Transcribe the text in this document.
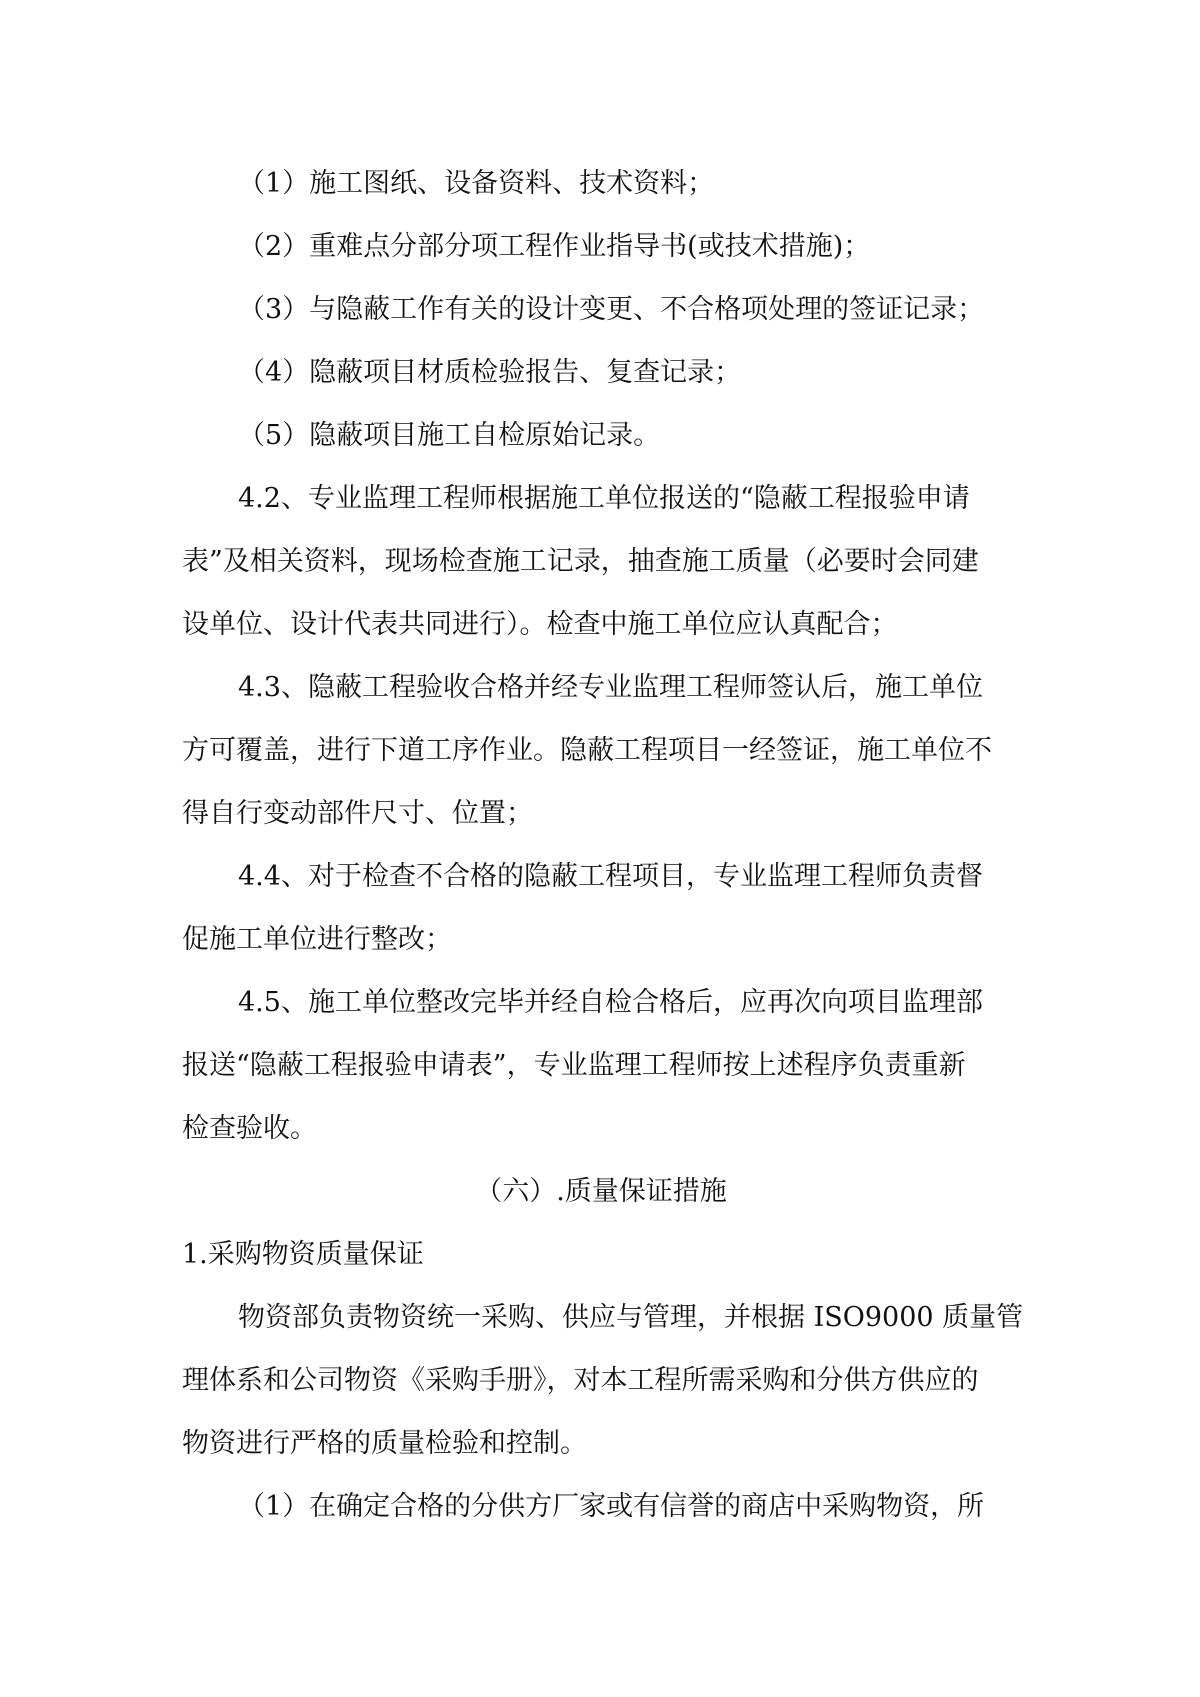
（1）施工图纸、设备资料、技术资料；
（2）重难点分部分项工程作业指导书(或技术措施)；
（3）与隐蔽工作有关的设计变更、不合格项处理的签证记录；
（4）隐蔽项目材质检验报告、复查记录；
（5）隐蔽项目施工自检原始记录。
4.2、专业监理工程师根据施工单位报送的“隐蔽工程报验申请
表”及相关资料，现场检查施工记录，抽查施工质量（必要时会同建
设单位、设计代表共同进行）。检查中施工单位应认真配合；
4.3、隐蔽工程验收合格并经专业监理工程师签认后，施工单位
方可覆盖，进行下道工序作业。隐蔽工程项目一经签证，施工单位不
得自行变动部件尺寸、位置；
4.4、对于检查不合格的隐蔽工程项目，专业监理工程师负责督
促施工单位进行整改；
4.5、施工单位整改完毕并经自检合格后，应再次向项目监理部
报送“隐蔽工程报验申请表”，专业监理工程师按上述程序负责重新
检查验收。
（六）.质量保证措施
1.采购物资质量保证
物资部负责物资统一采购、供应与管理，并根据 ISO9000 质量管
理体系和公司物资《采购手册》，对本工程所需采购和分供方供应的
物资进行严格的质量检验和控制。
（1）在确定合格的分供方厂家或有信誉的商店中采购物资，所
